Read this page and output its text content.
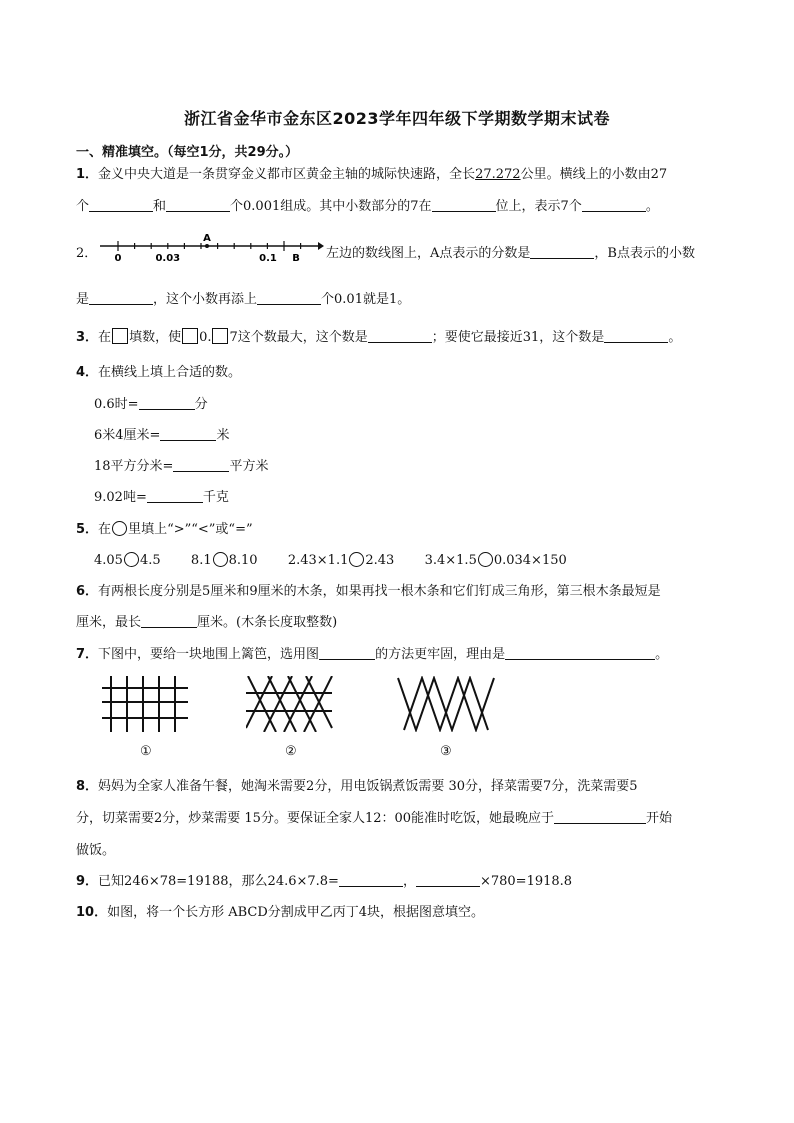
浙江省金华市金东区2023学年四年级下学期数学期末试卷
一、精准填空。（每空1分，共29分。）
1．金义中央大道是一条贯穿金义都市区黄金主轴的城际快速路，全长27.272公里。横线上的小数由27
个	和	个0.001组成。其中小数部分的7在	位上，表示7个	。
2． 0	0.03
A
0.1 B 左边的数线图上，A点表示的分数是	，B点表示的小数
是	，这个小数再添上	个0.01就是1。
3．在 填数，使 0. 7这个数最大，这个数是	；要使它最接近31，这个数是	。
4．在横线上填上合适的数。
0.6时=	分
6米4厘米=	米
18平方分米=	平方米
9.02吨=	千克
5．在 里填上“>”“<”或“=”
4.05 4.5 8.1 8.10 2.43×1.1 2.43 3.4×1.5 0.034×150
6．有两根长度分别是5厘米和9厘米的木条，如果再找一根木条和它们钉成三角形，第三根木条最短是
厘米，最长	厘米。(木条长度取整数)
7．下图中，要给一块地围上篱笆，选用图	的方法更牢固，理由是	。
①	②	③
8．妈妈为全家人准备午餐，她淘米需要2分，用电饭锅煮饭需要 30分，择菜需要7分，洗菜需要5
分，切菜需要2分，炒菜需要 15分。要保证全家人12：00能准时吃饭，她最晚应于	开始
做饭。
9．已知246×78=19188，那么24.6×7.8=	，	×780=1918.8
10．如图，将一个长方形 ABCD分割成甲乙丙丁4块，根据图意填空。
